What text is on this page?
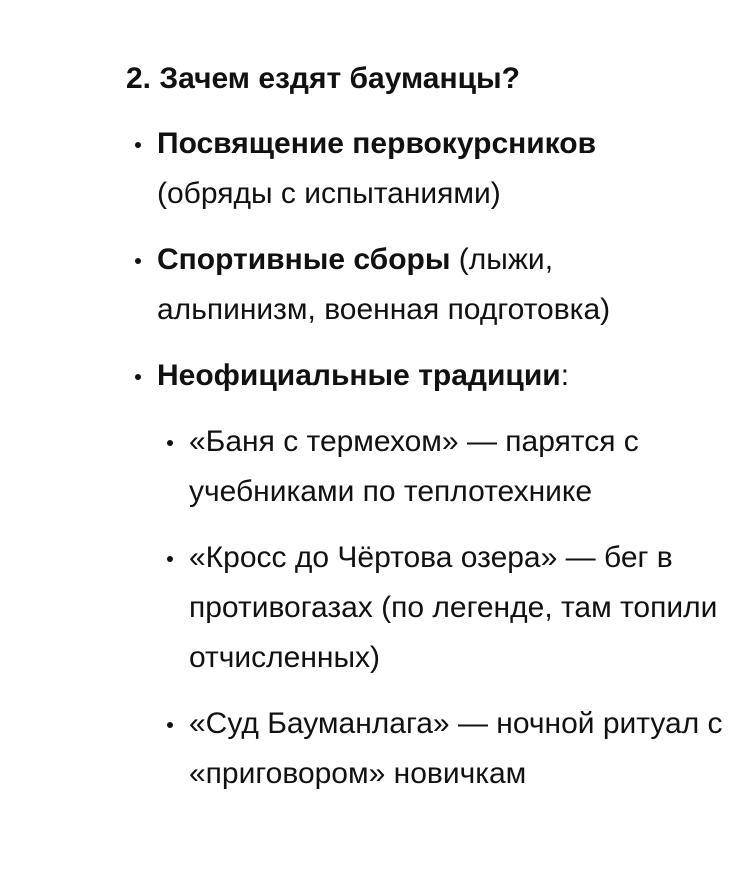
2. Зачем ездят бауманцы?
Посвящение первокурсников (обряды с испытаниями)
Спортивные сборы (лыжи, альпинизм, военная подготовка)
Неофициальные традиции:
«Баня с термехом» — парятся с учебниками по теплотехнике
«Кросс до Чёртова озера» — бег в противогазах (по легенде, там топили отчисленных)
«Суд Бауманлага» — ночной ритуал с «приговором» новичкам
